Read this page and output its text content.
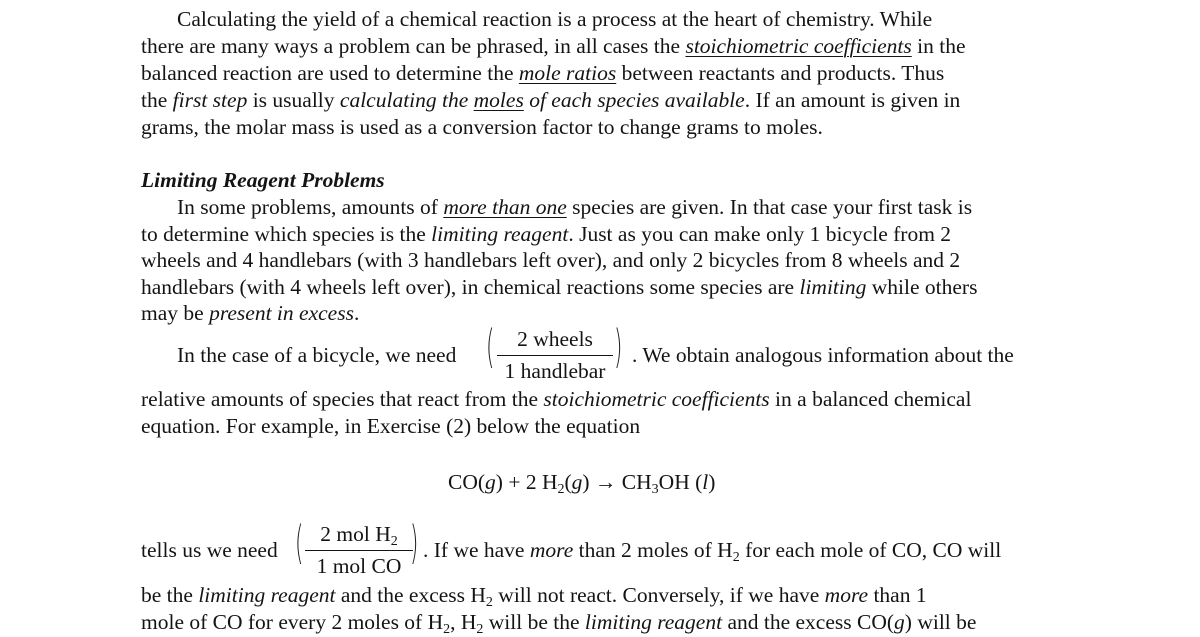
Calculating the yield of a chemical reaction is a process at the heart of chemistry. While
there are many ways a problem can be phrased, in all cases the stoichiometric coefficients in the
balanced reaction are used to determine the mole ratios between reactants and products. Thus
the first step is usually calculating the moles of each species available. If an amount is given in
grams, the molar mass is used as a conversion factor to change grams to moles.
Limiting Reagent Problems
In some problems, amounts of more than one species are given. In that case your first task is
to determine which species is the limiting reagent. Just as you can make only 1 bicycle from 2
wheels and 4 handlebars (with 3 handlebars left over), and only 2 bicycles from 8 wheels and 2
handlebars (with 4 wheels left over), in chemical reactions some species are limiting while others
may be present in excess.
In the case of a bicycle, we need (	2 wheels
1 handlebar ) . We obtain analogous information about the
relative amounts of species that react from the stoichiometric coefficients in a balanced chemical
equation. For example, in Exercise (2) below the equation
CO(g) + 2 $H_2(g) \to CH_3OH$ (l)
tells us we need ( 2 mol $H_2$
1 mol CO ) . If we have more than 2 moles of $H_2$ for each mole of CO, CO will
be the limiting reagent and the excess $H_2$ will not react. Conversely, if we have more than 1
mole of CO for every 2 moles of $H_2$, $H_2$ will be the limiting reagent and the excess CO(g) will be
